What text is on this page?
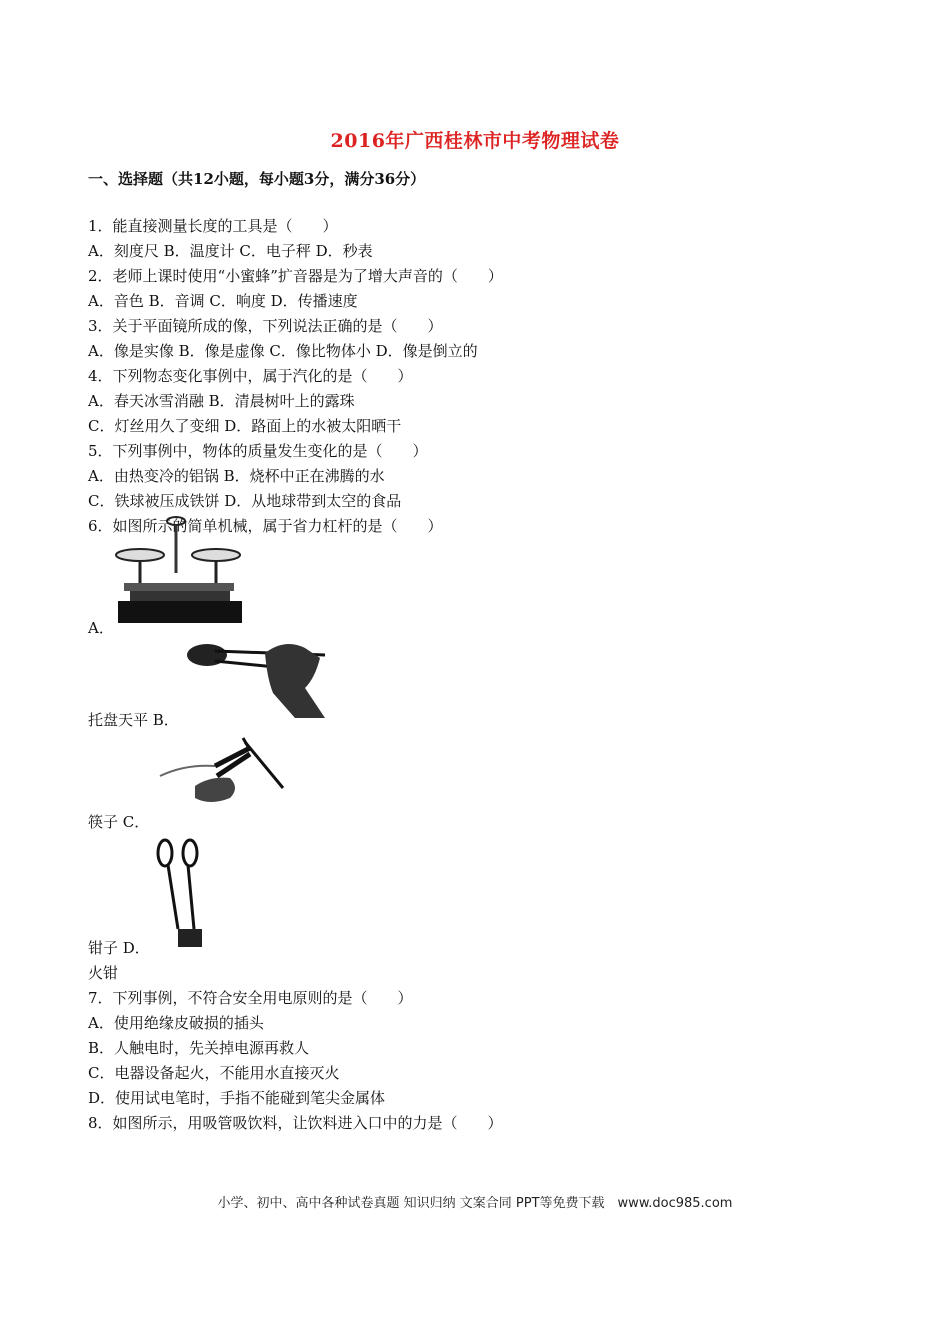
2016年广西桂林市中考物理试卷
一、选择题（共12小题，每小题3分，满分36分）
1．能直接测量长度的工具是（　　）
A．刻度尺 B．温度计 C．电子秤 D．秒表
2．老师上课时使用“小蜜蜂”扩音器是为了增大声音的（　　）
A．音色 B．音调 C．响度 D．传播速度
3．关于平面镜所成的像，下列说法正确的是（　　）
A．像是实像 B．像是虚像 C．像比物体小 D．像是倒立的
4．下列物态变化事例中，属于汽化的是（　　）
A．春天冰雪消融 B．清晨树叶上的露珠
C．灯丝用久了变细 D．路面上的水被太阳晒干
5．下列事例中，物体的质量发生变化的是（　　）
A．由热变冷的铝锅 B．烧杯中正在沸腾的水
C．铁球被压成铁饼 D．从地球带到太空的食品
6．如图所示的简单机械，属于省力杠杆的是（　　）
A．
托盘天平 B．
筷子 C．
钳子 D．
火钳
7．下列事例，不符合安全用电原则的是（　　）
A．使用绝缘皮破损的插头
B．人触电时，先关掉电源再救人
C．电器设备起火，不能用水直接灭火
D．使用试电笔时，手指不能碰到笔尖金属体
8．如图所示，用吸管吸饮料，让饮料进入口中的力是（　　）
小学、初中、高中各种试卷真题 知识归纳 文案合同 PPT等免费下载　www.doc985.com
